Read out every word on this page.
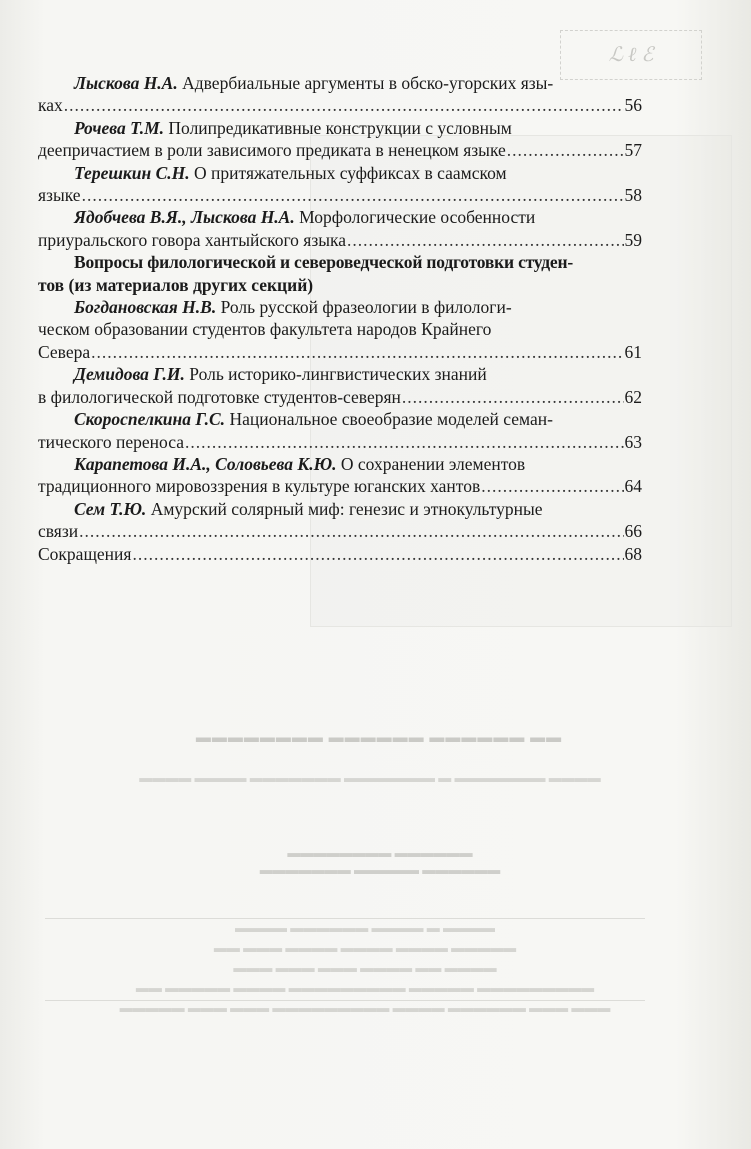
ℒ ℓ ℰ
▬▬ ▬▬▬▬▬▬ ▬▬▬▬▬▬ ▬▬▬▬▬▬▬▬
▬▬▬▬ ▬▬▬▬▬▬▬ ▬ ▬▬▬▬▬▬▬ ▬▬▬▬▬▬▬ ▬▬▬▬ ▬▬▬▬
▬▬▬▬▬▬ ▬▬▬▬▬▬▬▬
▬▬▬▬▬▬ ▬▬▬▬▬ ▬▬▬▬▬▬▬
▬▬▬▬ ▬ ▬▬▬▬ ▬▬▬▬▬▬ ▬▬▬▬
▬▬▬▬▬ ▬▬▬▬ ▬▬▬▬ ▬▬▬▬ ▬▬▬ ▬▬
▬▬▬▬ ▬▬ ▬▬▬▬ ▬▬▬ ▬▬▬ ▬▬▬
▬▬▬▬▬▬▬▬▬ ▬▬▬▬▬ ▬▬▬▬▬▬▬▬▬ ▬▬▬▬ ▬▬▬▬▬ ▬▬
▬▬▬ ▬▬▬ ▬▬▬▬▬▬ ▬▬▬▬ ▬▬▬▬▬▬▬▬▬ ▬▬▬ ▬▬▬ ▬▬▬▬▬
Лыскова Н.А. Адвербиальные аргументы в обско-угорских язы-
ках .....	56
Рочева Т.М. Полипредикативные конструкции с условным
деепричастием в роли зависимого предиката в ненецком языке .....	57
Терешкин С.Н. О притяжательных суффиксах в саамском
языке .....	58
Ядобчева В.Я., Лыскова Н.А. Морфологические особенности
приуральского говора хантыйского языка .....	59
Вопросы филологической и североведческой подготовки студен-
тов (из материалов других секций)
Богдановская Н.В. Роль русской фразеологии в филологи-
ческом образовании студентов факультета народов Крайнего
Севера .....	61
Демидова Г.И. Роль историко-лингвистических знаний
в филологической подготовке студентов-северян .....	62
Скороспелкина Г.С. Национальное своеобразие моделей семан-
тического переноса .....	63
Карапетова И.А., Соловьева К.Ю. О сохранении элементов
традиционного мировоззрения в культуре юганских хантов .....	64
Сем Т.Ю. Амурский солярный миф: генезис и этнокультурные
связи .....	66
Сокращения .....	68
